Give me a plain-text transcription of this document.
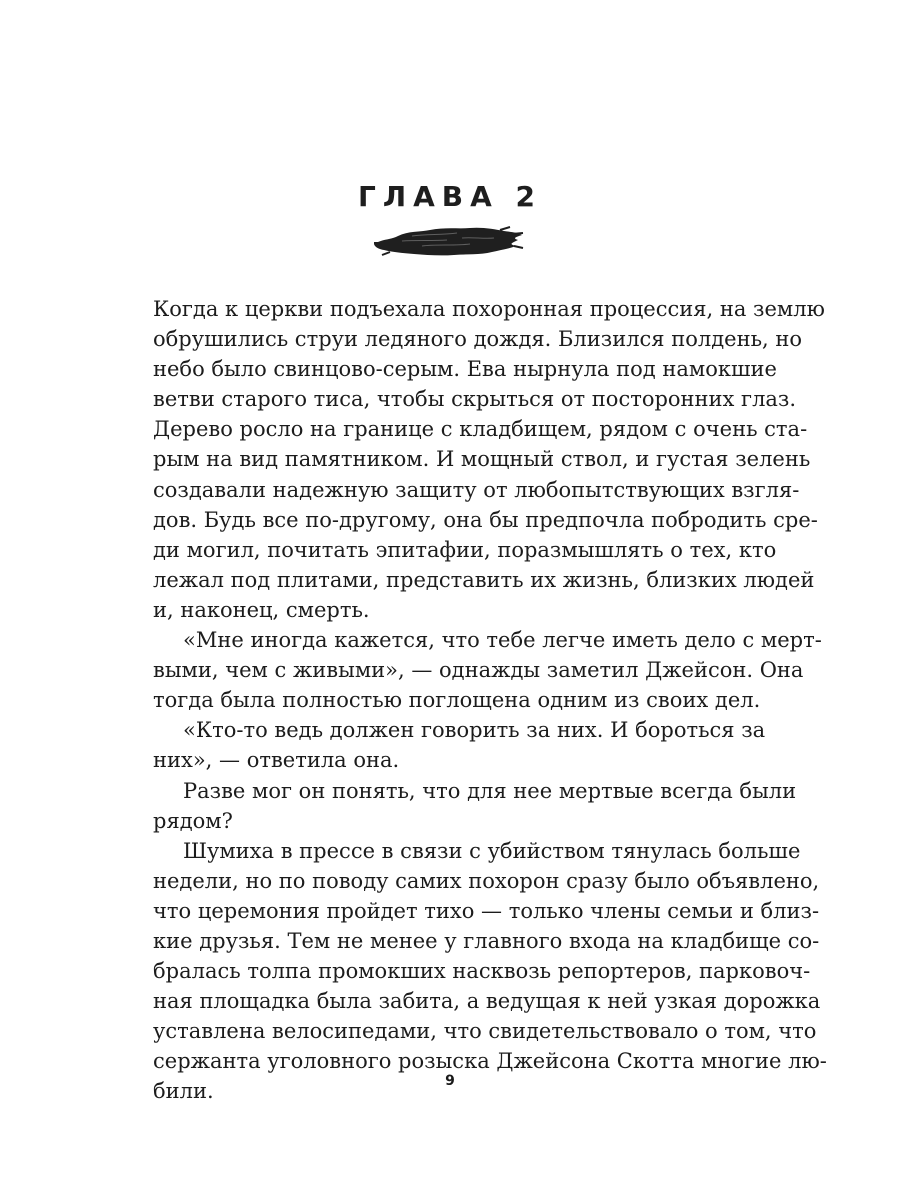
ГЛАВА 2
Когда к церкви подъехала похоронная процессия, на землю
обрушились струи ледяного дождя. Близился полдень, но
небо было свинцово-серым. Ева нырнула под намокшие
ветви старого тиса, чтобы скрыться от посторонних глаз.
Дерево росло на границе с кладбищем, рядом с очень ста-
рым на вид памятником. И мощный ствол, и густая зелень
создавали надежную защиту от любопытствующих взгля-
дов. Будь все по-другому, она бы предпочла побродить сре-
ди могил, почитать эпитафии, поразмышлять о тех, кто
лежал под плитами, представить их жизнь, близких людей
и, наконец, смерть.
«Мне иногда кажется, что тебе легче иметь дело с мерт-
выми, чем с живыми», — однажды заметил Джейсон. Она
тогда была полностью поглощена одним из своих дел.
«Кто-то ведь должен говорить за них. И бороться за
них», — ответила она.
Разве мог он понять, что для нее мертвые всегда были
рядом?
Шумиха в прессе в связи с убийством тянулась больше
недели, но по поводу самих похорон сразу было объявлено,
что церемония пройдет тихо — только члены семьи и близ-
кие друзья. Тем не менее у главного входа на кладбище со-
бралась толпа промокших насквозь репортеров, парковоч-
ная площадка была забита, а ведущая к ней узкая дорожка
уставлена велосипедами, что свидетельствовало о том, что
сержанта уголовного розыска Джейсона Скотта многие лю-
били.	9
